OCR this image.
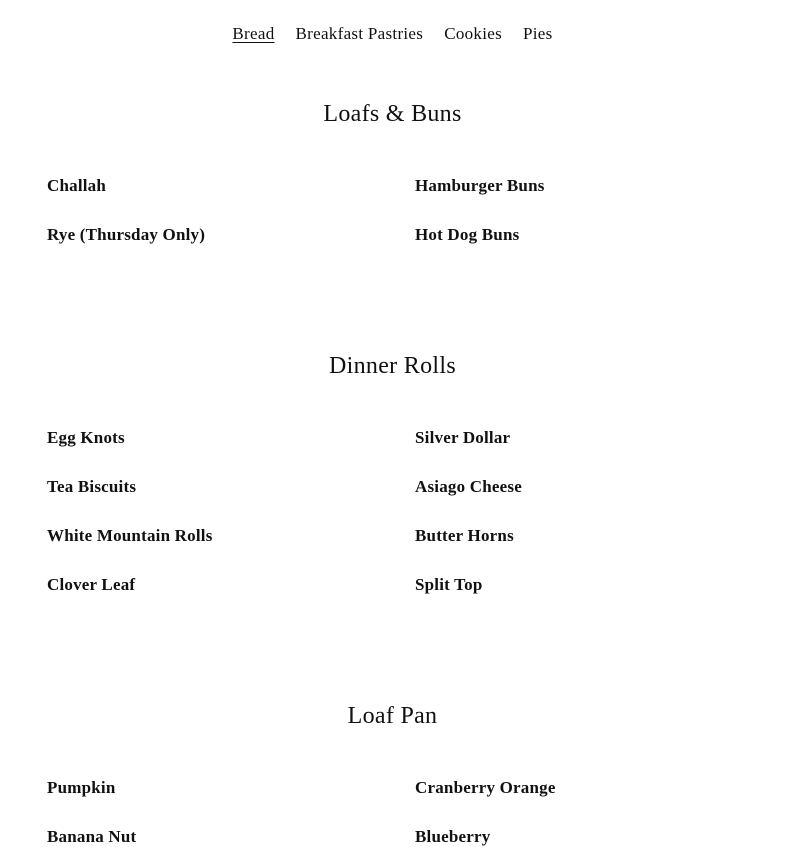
Bread Breakfast Pastries Cookies Pies
Loafs & Buns
Challah	Hamburger Buns
Rye (Thursday Only)	Hot Dog Buns
Dinner Rolls
Egg Knots	Silver Dollar
Tea Biscuits	Asiago Cheese
White Mountain Rolls	Butter Horns
Clover Leaf	Split Top
Loaf Pan
Pumpkin	Cranberry Orange
Banana Nut	Blueberry
